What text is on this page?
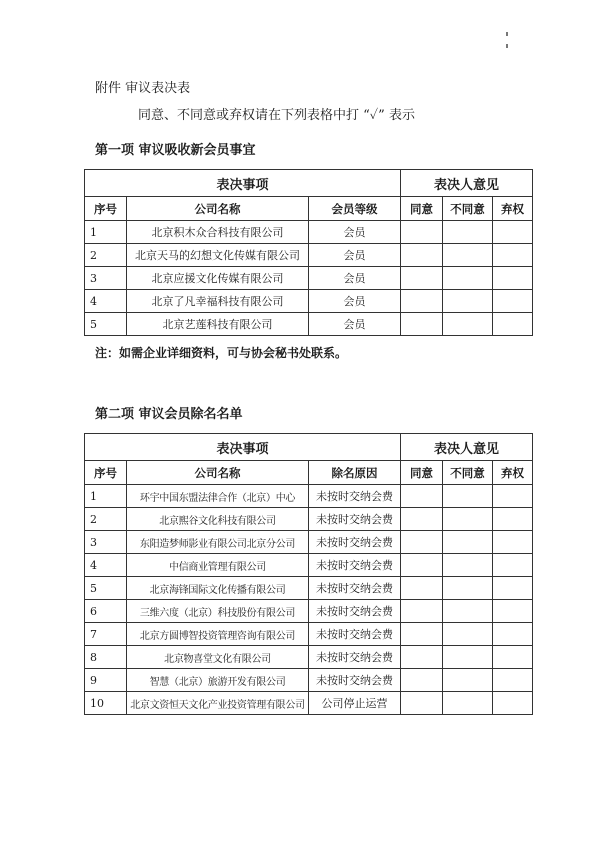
附件 审议表决表
同意、不同意或弃权请在下列表格中打 “✓” 表示
第一项 审议吸收新会员事宜
表决事项			表决人意见		
序号	公司名称	会员等级	同意	不同意	弃权
1	北京积木众合科技有限公司	会员			
2	北京天马的幻想文化传媒有限公司	会员			
3	北京应援文化传媒有限公司	会员			
4	北京了凡幸福科技有限公司	会员			
5	北京艺莲科技有限公司	会员			
注：如需企业详细资料，可与协会秘书处联系。
第二项 审议会员除名名单
表决事项			表决人意见		
序号	公司名称	除名原因	同意	不同意	弃权
1	环宇中国东盟法律合作（北京）中心	未按时交纳会费			
2	北京熙谷文化科技有限公司	未按时交纳会费			
3	东阳造梦师影业有限公司北京分公司	未按时交纳会费			
4	中信商业管理有限公司	未按时交纳会费			
5	北京海锋国际文化传播有限公司	未按时交纳会费			
6	三维六度（北京）科技股份有限公司	未按时交纳会费			
7	北京方圆博智投资管理咨询有限公司	未按时交纳会费			
8	北京物喜堂文化有限公司	未按时交纳会费			
9	智慧（北京）旅游开发有限公司	未按时交纳会费			
10	北京文资恒天文化产业投资管理有限公司	公司停止运营			
